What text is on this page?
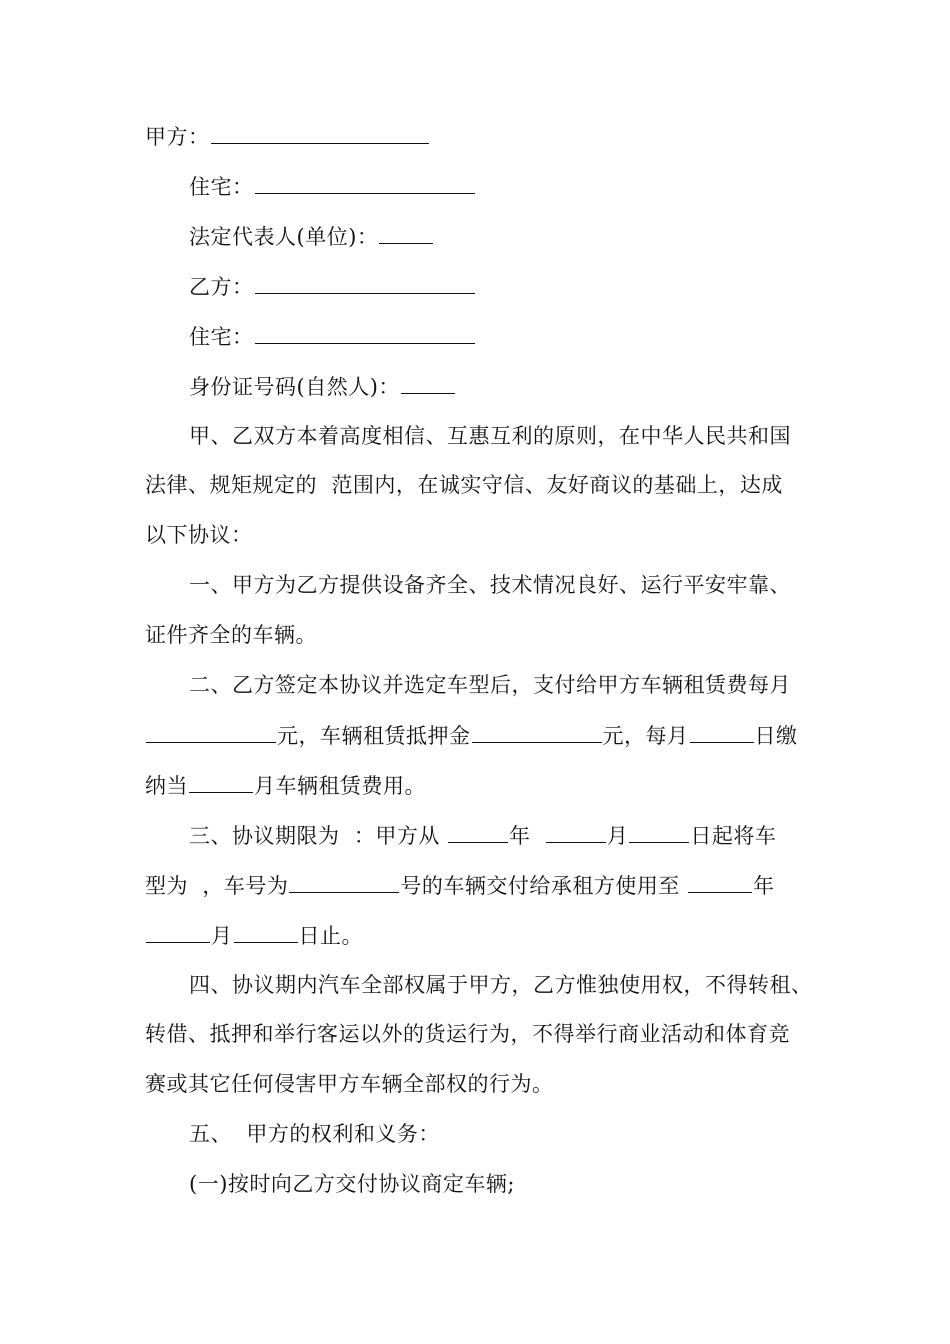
甲方：
住宅：
法定代表人(单位)：
乙方：
住宅：
身份证号码(自然人)：
甲、乙双方本着高度相信、互惠互利的原则，在中华人民共和国
法律、规矩规定的  范围内，在诚实守信、友好商议的基础上，达成
以下协议：
一、甲方为乙方提供设备齐全、技术情况良好、运行平安牢靠、
证件齐全的车辆。
二、乙方签定本协议并选定车型后，支付给甲方车辆租赁费每月
元，车辆租赁抵押金	元，每月	日缴
纳当	月车辆租赁费用。
三、协议期限为  ：甲方从	年	月	日起将车
型为  ，车号为	号的车辆交付给承租方使用至	年
月	日止。
四、协议期内汽车全部权属于甲方，乙方惟独使用权，不得转租、
转借、抵押和举行客运以外的货运行为，不得举行商业活动和体育竞
赛或其它任何侵害甲方车辆全部权的行为。
五、  甲方的权利和义务：
(一)按时向乙方交付协议商定车辆;
